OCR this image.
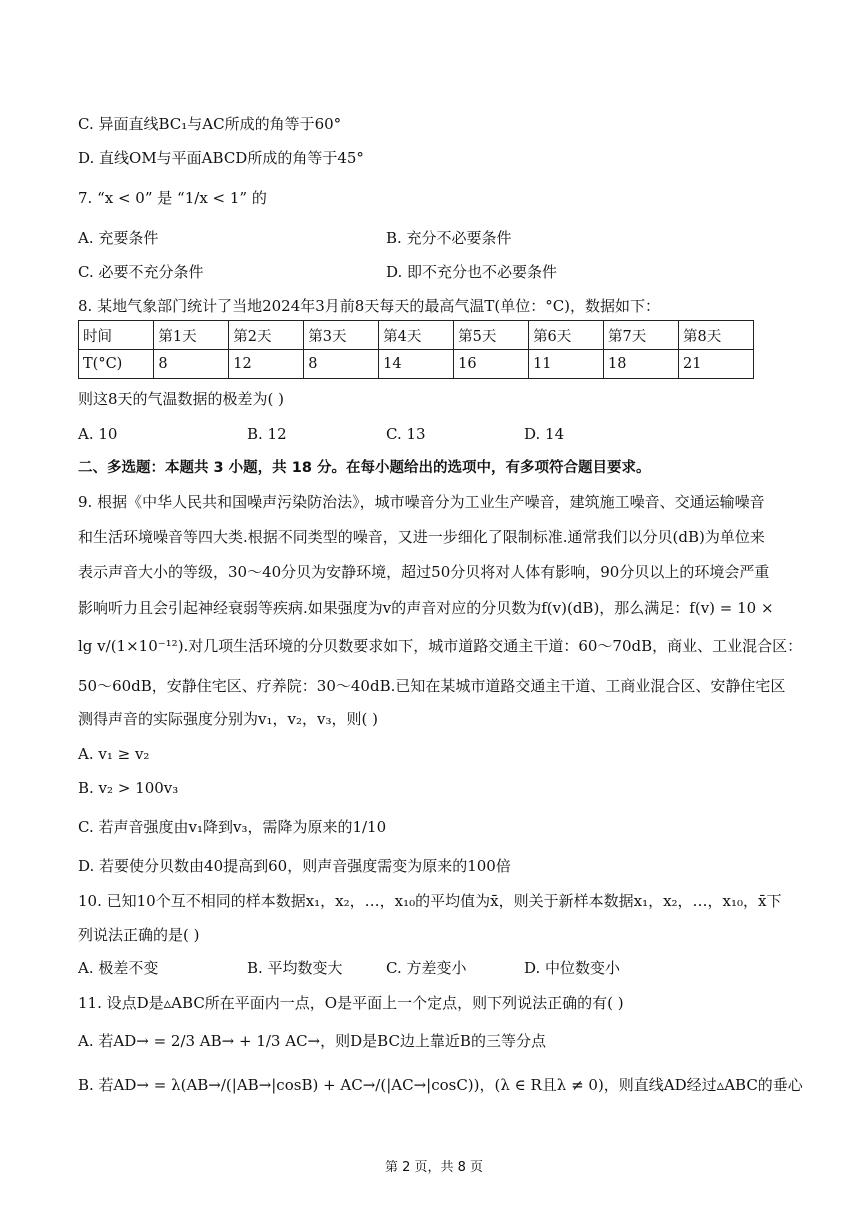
C. 异面直线BC₁与AC所成的角等于60°
D. 直线OM与平面ABCD所成的角等于45°
7. “x < 0” 是 “1/x < 1” 的
A. 充要条件	B. 充分不必要条件
C. 必要不充分条件	D. 即不充分也不必要条件
8. 某地气象部门统计了当地2024年3月前8天每天的最高气温T(单位：°C)，数据如下：
时间	第1天	第2天	第3天	第4天	第5天	第6天	第7天	第8天
T(°C)	8	12	8	14	16	11	18	21
则这8天的气温数据的极差为( )
A. 10	B. 12	C. 13	D. 14
二、多选题：本题共 3 小题，共 18 分。在每小题给出的选项中，有多项符合题目要求。
9. 根据《中华人民共和国噪声污染防治法》，城市噪音分为工业生产噪音，建筑施工噪音、交通运输噪音
和生活环境噪音等四大类.根据不同类型的噪音，又进一步细化了限制标准.通常我们以分贝(dB)为单位来
表示声音大小的等级，30～40分贝为安静环境，超过50分贝将对人体有影响，90分贝以上的环境会严重
影响听力且会引起神经衰弱等疾病.如果强度为v的声音对应的分贝数为f(v)(dB)，那么满足：f(v) = 10 ×
lg v/(1×10⁻¹²).对几项生活环境的分贝数要求如下，城市道路交通主干道：60～70dB，商业、工业混合区：
50～60dB，安静住宅区、疗养院：30～40dB.已知在某城市道路交通主干道、工商业混合区、安静住宅区
测得声音的实际强度分别为v₁，v₂，v₃，则( )
A. v₁ ≥ v₂
B. v₂ > 100v₃
C. 若声音强度由v₁降到v₃，需降为原来的1/10
D. 若要使分贝数由40提高到60，则声音强度需变为原来的100倍
10. 已知10个互不相同的样本数据x₁，x₂，…，x₁₀的平均值为x̄，则关于新样本数据x₁，x₂，…，x₁₀，x̄下
列说法正确的是( )
A. 极差不变	B. 平均数变大	C. 方差变小	D. 中位数变小
11. 设点D是▵ABC所在平面内一点，O是平面上一个定点，则下列说法正确的有( )
A. 若AD→ = 2/3 AB→ + 1/3 AC→，则D是BC边上靠近B的三等分点
B. 若AD→ = λ(AB→/(|AB→|cosB) + AC→/(|AC→|cosC))，(λ ∈ R且λ ≠ 0)，则直线AD经过▵ABC的垂心
第 2 页，共 8 页
